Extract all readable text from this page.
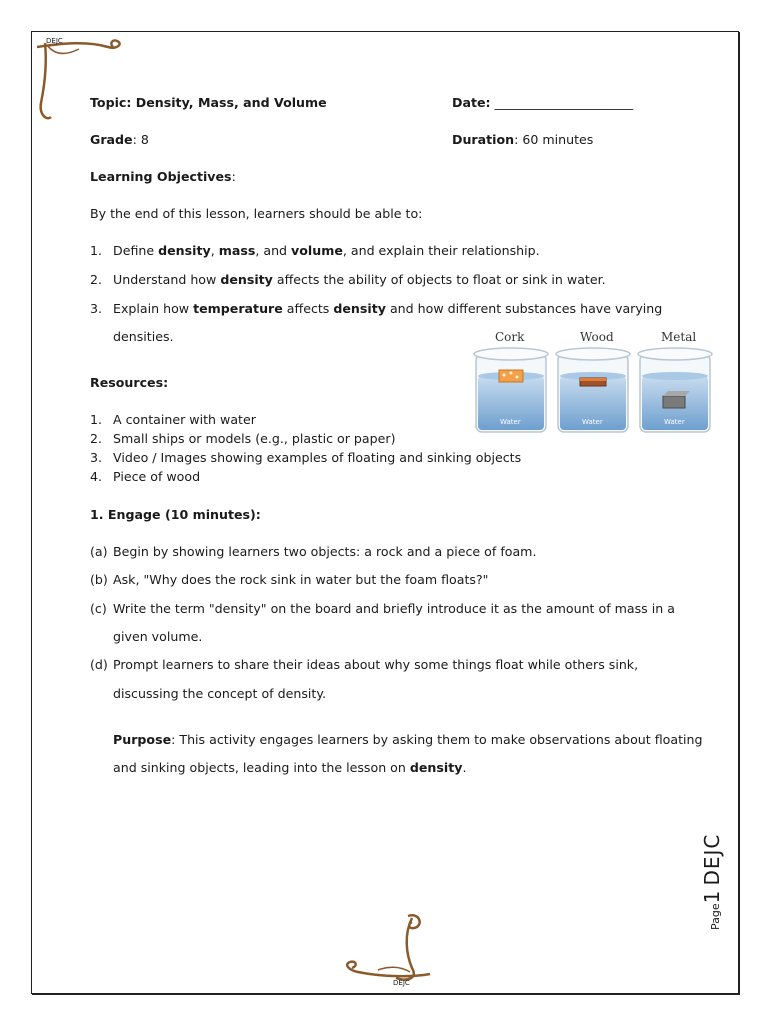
DEJC
Topic: Density, Mass, and Volume	Date: ______________________
Grade: 8	Duration: 60 minutes
Learning Objectives:
By the end of this lesson, learners should be able to:
1. Define density, mass, and volume, and explain their relationship.
2. Understand how density affects the ability of objects to float or sink in water.
3. Explain how temperature affects density and how different substances have varying
densities.	Cork	Wood	Metal
Water	Water	Water
Resources:
1. A container with water
2. Small ships or models (e.g., plastic or paper)
3. Video / Images showing examples of floating and sinking objects
4. Piece of wood
1. Engage (10 minutes):
(a) Begin by showing learners two objects: a rock and a piece of foam.
(b) Ask, "Why does the rock sink in water but the foam floats?"
(c) Write the term "density" on the board and briefly introduce it as the amount of mass in a
given volume.
(d) Prompt learners to share their ideas about why some things float while others sink,
discussing the concept of density.
Purpose: This activity engages learners by asking them to make observations about floating
and sinking objects, leading into the lesson on density.
Page1 DEJC
DEJC
